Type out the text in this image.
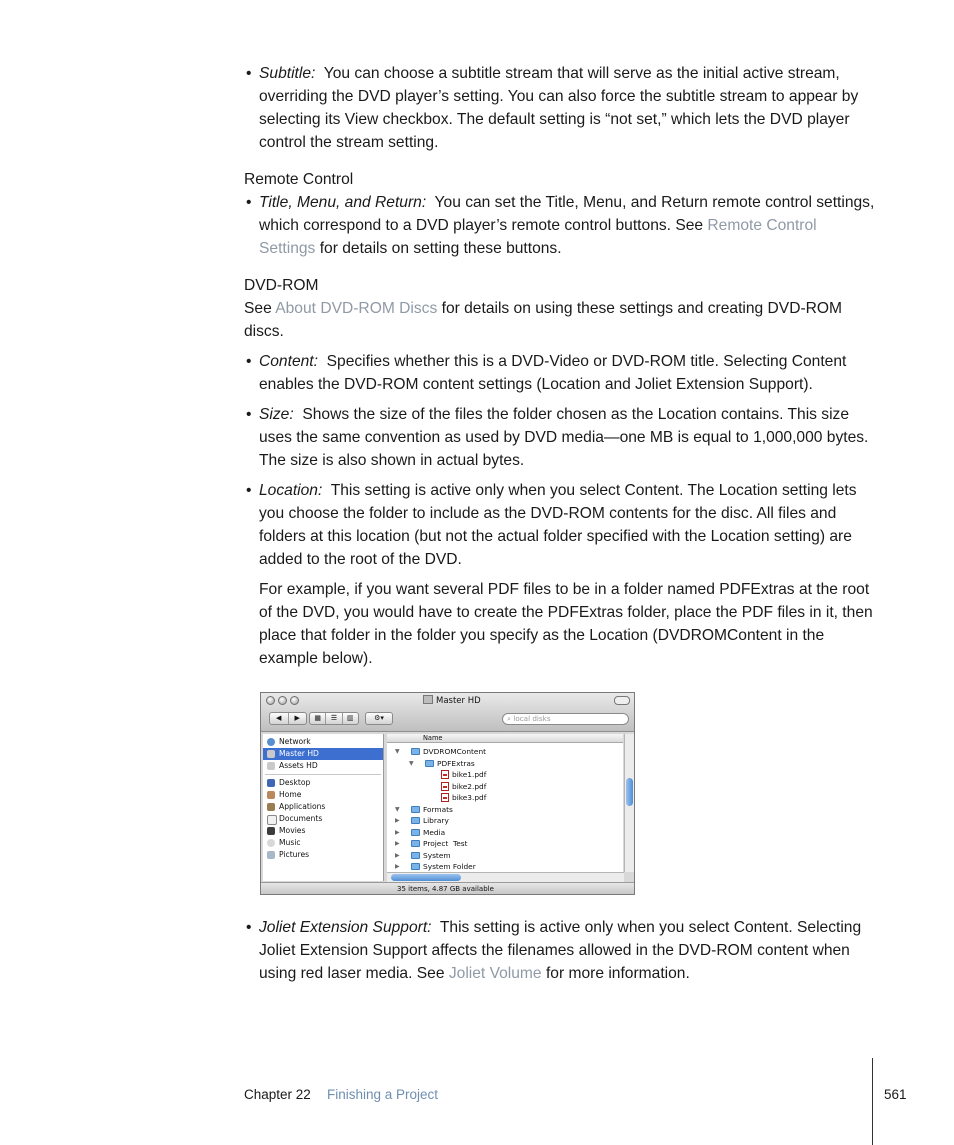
• Subtitle: You can choose a subtitle stream that will serve as the initial active stream, overriding the DVD player’s setting. You can also force the subtitle stream to appear by selecting its View checkbox. The default setting is “not set,” which lets the DVD player control the stream setting.

Remote Control

• Title, Menu, and Return: You can set the Title, Menu, and Return remote control settings, which correspond to a DVD player’s remote control buttons. See Remote Control Settings for details on setting these buttons.

DVD-ROM

See About DVD-ROM Discs for details on using these settings and creating DVD-ROM discs.

• Content: Specifies whether this is a DVD-Video or DVD-ROM title. Selecting Content enables the DVD-ROM content settings (Location and Joliet Extension Support).

• Size: Shows the size of the files the folder chosen as the Location contains. This size uses the same convention as used by DVD media—one MB is equal to 1,000,000 bytes. The size is also shown in actual bytes.

• Location: This setting is active only when you select Content. The Location setting lets you choose the folder to include as the DVD-ROM contents for the disc. All files and folders at this location (but not the actual folder specified with the Location setting) are added to the root of the DVD.

For example, if you want several PDF files to be in a folder named PDFExtras at the root of the DVD, you would have to create the PDFExtras folder, place the PDF files in it, then place that folder in the folder you specify as the Location (DVDROMContent in the example below).

Master HD
◀	▶	▦	☰	▥	⚙▾	⌕ local disks
Network
Master HD
Assets HD
Desktop
Home
Applications
Documents
Movies
Music
Pictures
Name
▼	DVDROMContent
▼	PDFExtras
bike1.pdf
bike2.pdf
bike3.pdf
▼	Formats
▶	Library
▶	Media
▶	Project  Test
▶	System
▶	System Folder
35 items, 4.87 GB available

• Joliet Extension Support: This setting is active only when you select Content. Selecting Joliet Extension Support affects the filenames allowed in the DVD-ROM content when using red laser media. See Joliet Volume for more information.

Chapter 22 Finishing a Project	561
